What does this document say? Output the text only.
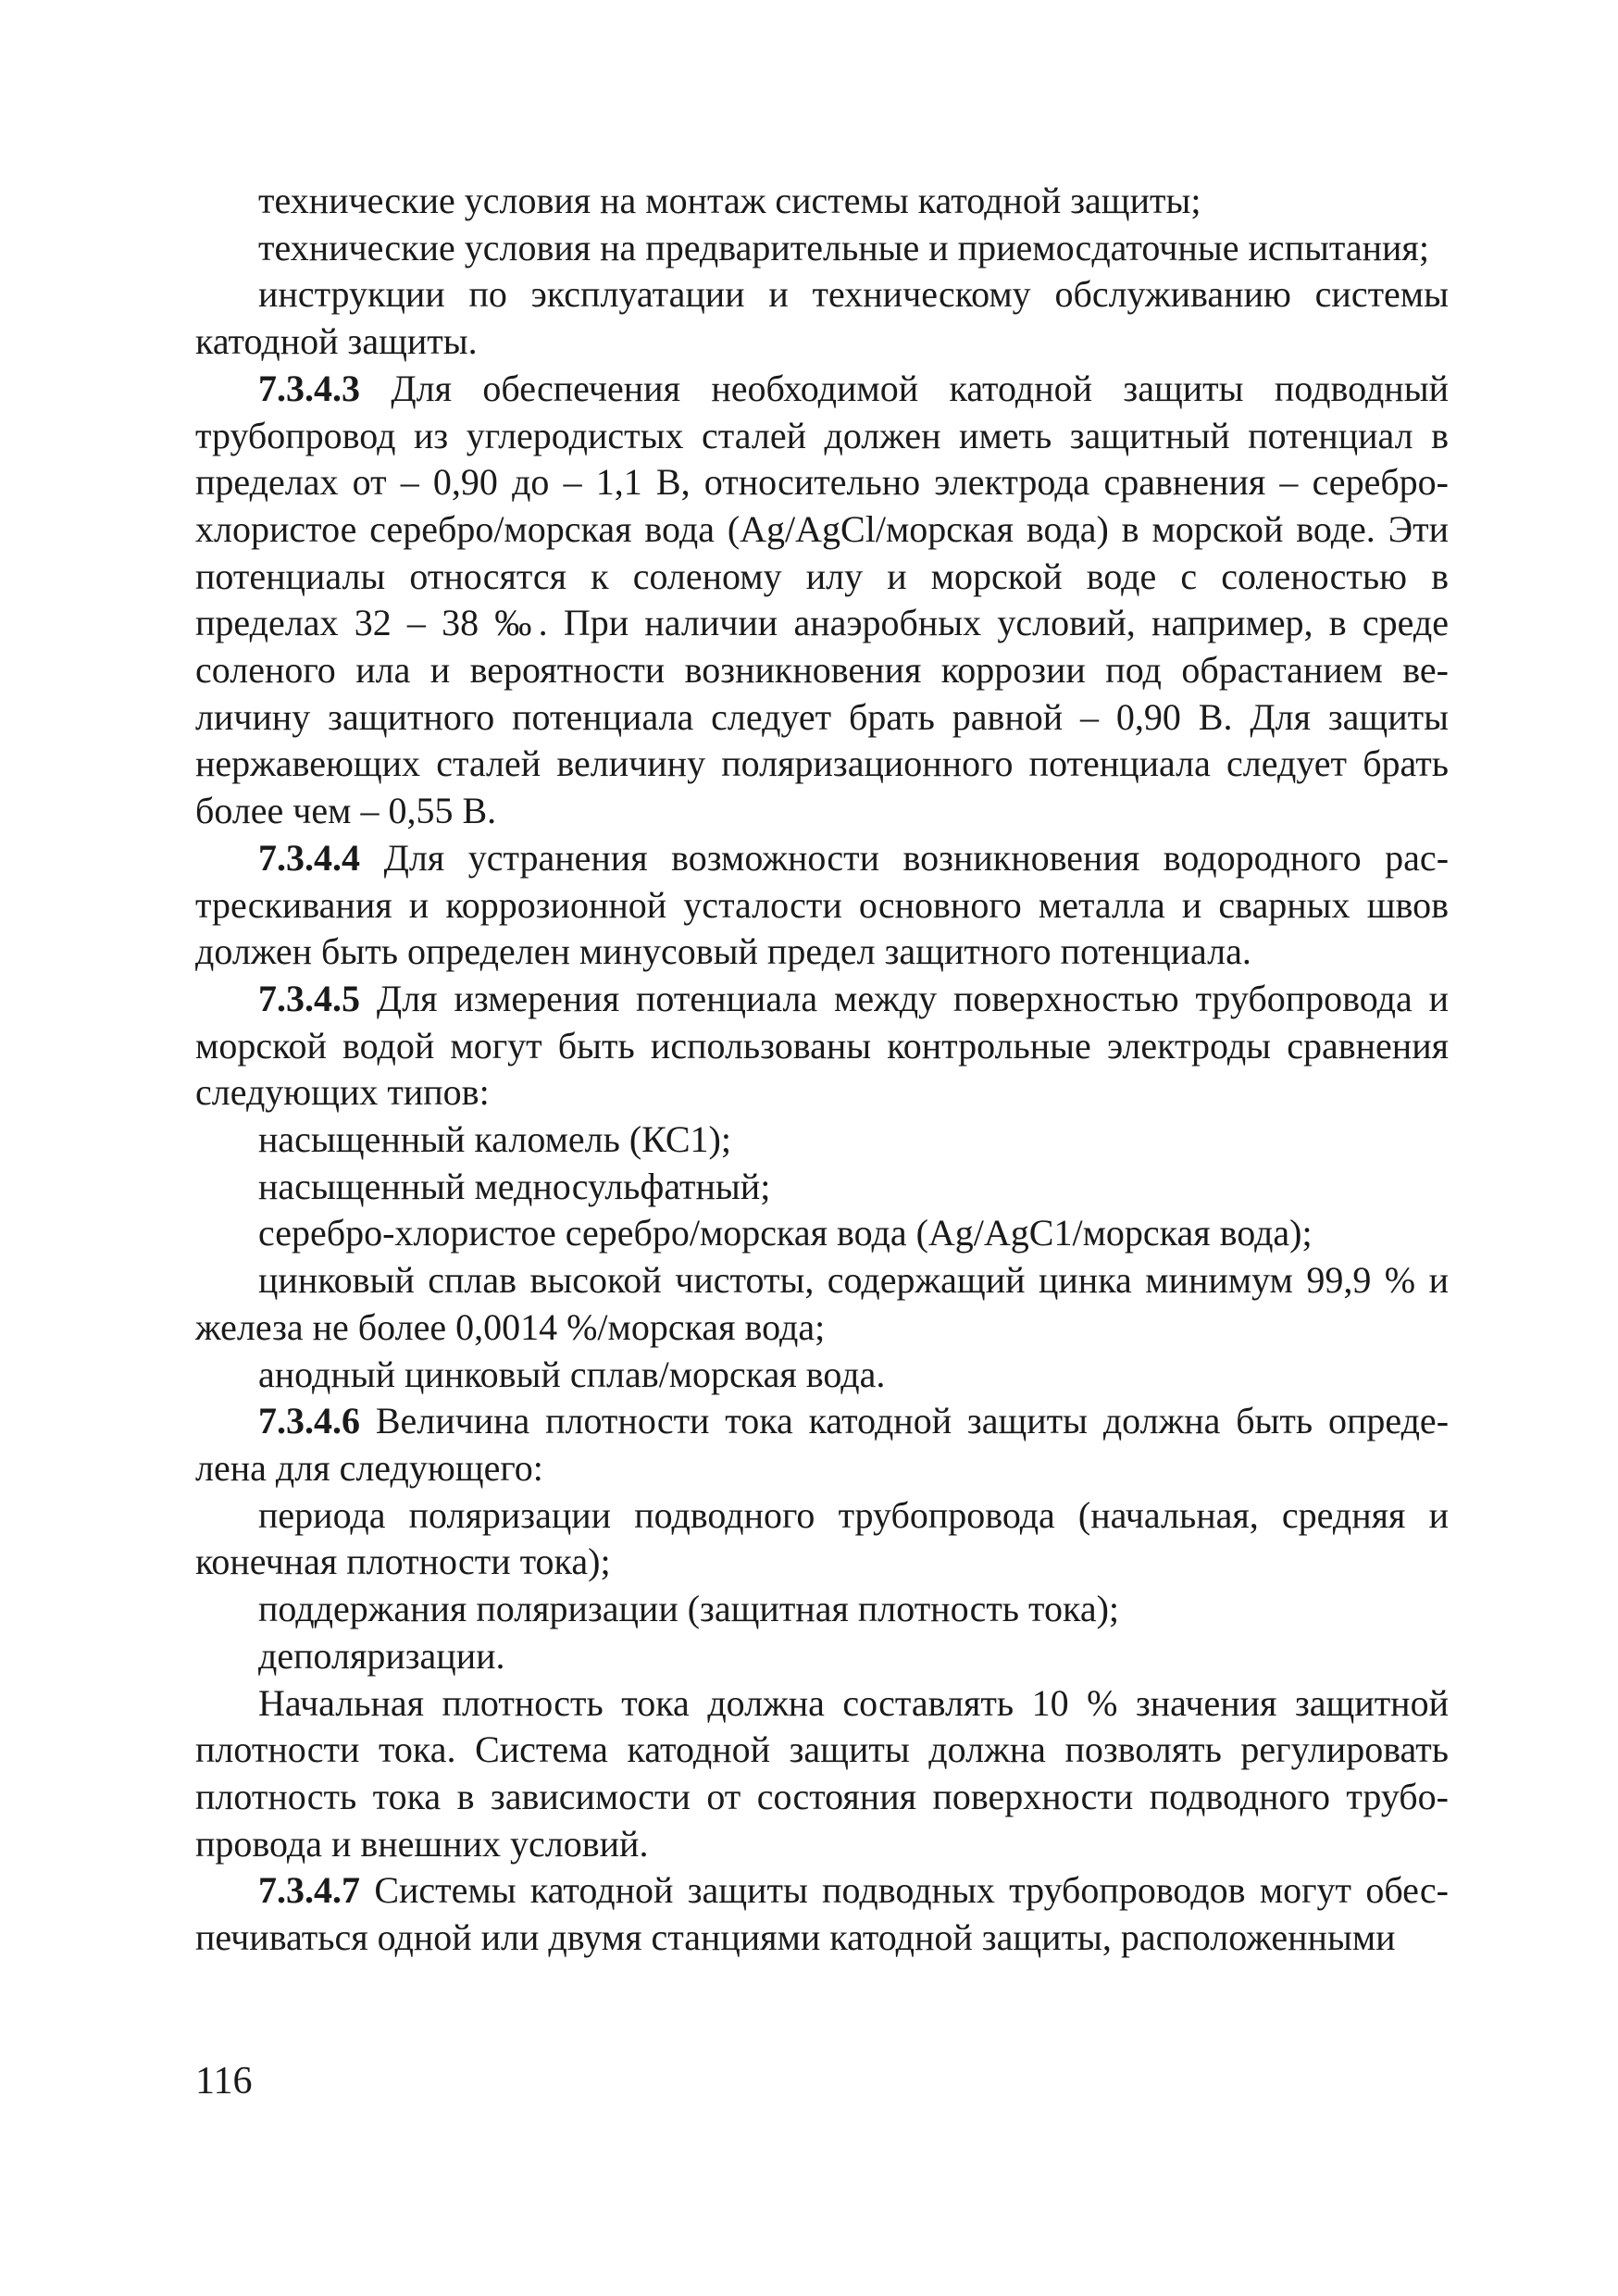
технические условия на монтаж системы катодной защиты;

технические условия на предварительные и приемосдаточные испытания;

инструкции по эксплуатации и техническому обслуживанию системы катодной защиты.

7.3.4.3 Для обеспечения необходимой катодной защиты подводный трубопровод из углеродистых сталей должен иметь защитный потенциал в пределах от – 0,90 до – 1,1 В, относительно электрода сравнения – сереброхлористое серебро/морская вода (Ag/AgCl/морская вода) в морской воде. Эти потенциалы относятся к соленому илу и морской воде с соленостью в пределах 32 – 38 ‰. При наличии анаэробных условий, например, в среде соленого ила и вероятности возникновения коррозии под обрастанием величину защитного потенциала следует брать равной – 0,90 В. Для защиты нержавеющих сталей величину поляризационного потенциала следует брать более чем – 0,55 В.

7.3.4.4 Для устранения возможности возникновения водородного растрескивания и коррозионной усталости основного металла и сварных швов должен быть определен минусовый предел защитного потенциала.

7.3.4.5 Для измерения потенциала между поверхностью трубопровода и морской водой могут быть использованы контрольные электроды сравнения следующих типов:

насыщенный каломель (КС1);

насыщенный медносульфатный;

серебро-хлористое серебро/морская вода (Ag/AgC1/морская вода);

цинковый сплав высокой чистоты, содержащий цинка минимум 99,9 % и железа не более 0,0014 %/морская вода;

анодный цинковый сплав/морская вода.

7.3.4.6 Величина плотности тока катодной защиты должна быть определена для следующего:

периода поляризации подводного трубопровода (начальная, средняя и конечная плотности тока);

поддержания поляризации (защитная плотность тока);

деполяризации.

Начальная плотность тока должна составлять 10 % значения защитной плотности тока. Система катодной защиты должна позволять регулировать плотность тока в зависимости от состояния поверхности подводного трубопровода и внешних условий.

7.3.4.7 Системы катодной защиты подводных трубопроводов могут обеспечиваться одной или двумя станциями катодной защиты, расположенными

116
